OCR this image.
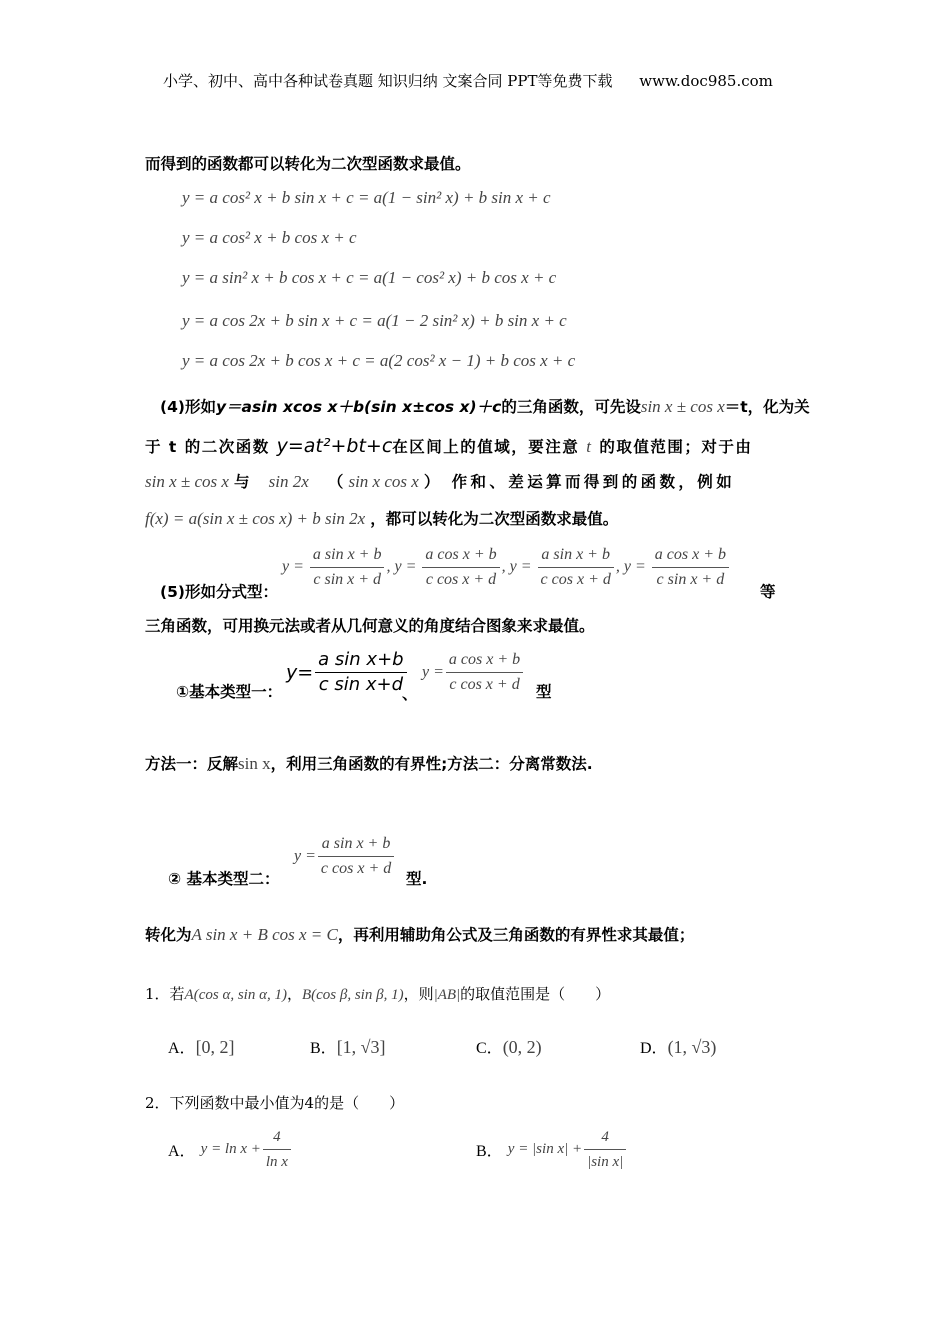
小学、初中、高中各种试卷真题 知识归纳 文案合同 PPT等免费下载 www.doc985.com
而得到的函数都可以转化为二次型函数求最值。
y = a cos² x + b sin x + c = a(1 − sin² x) + b sin x + c
y = a cos² x + b cos x + c
y = a sin² x + b cos x + c = a(1 − cos² x) + b cos x + c
y = a cos 2x + b sin x + c = a(1 − 2 sin² x) + b sin x + c
y = a cos 2x + b cos x + c = a(2 cos² x − 1) + b cos x + c
(4)形如y＝asin xcos x＋b(sin x±cos x)＋c的三角函数，可先设sin x ± cos x＝t，化为关
于 t 的二次函数 y=at²+bt+c在区间上的值域，要注意 t 的取值范围；对于由
sin x ± cos x 与 sin 2x （ sin x cos x ） 作和、差运算而得到的函数，例如
f(x) = a(sin x ± cos x) + b sin 2x ，都可以转化为二次型函数求最值。
(5)形如分式型：
$y = \frac{\text{a sin x + b}}{\text{c sin x + d}}$ , $y = \frac{\text{a cos x + b}}{\text{c cos x + d}}$ , $y = \frac{\text{a sin x + b}}{\text{c cos x + d}}$ , $y = \frac{\text{a cos x + b}}{\text{c sin x + d}}$ 等
三角函数，可用换元法或者从几何意义的角度结合图象来求最值。
①基本类型一：
$y= \frac{\text{a sin x+b}}{\text{c sin x+d}}$
、
$y = \frac{\text{a cos x + b}}{\text{c cos x + d}}$ 型
方法一：反解sin x，利用三角函数的有界性;方法二：分离常数法.
② 基本类型二：
$y = \frac{\text{a sin x + b}}{\text{c cos x + d}}$ 型.
转化为A sin x + B cos x = C，再利用辅助角公式及三角函数的有界性求其最值；
1．若A(cos α, sin α, 1)，B(cos β, sin β, 1)，则|AB|的取值范围是（　　）
A．[0, 2]	B．[1, √3]	C．(0, 2)	D．(1, √3)
2．下列函数中最小值为4的是（　　）
A． $y = \ln x + \frac{4}{\text{ln x}}$	B． y = |sin $x| + \frac{4}{\text{|sin x|}}$
